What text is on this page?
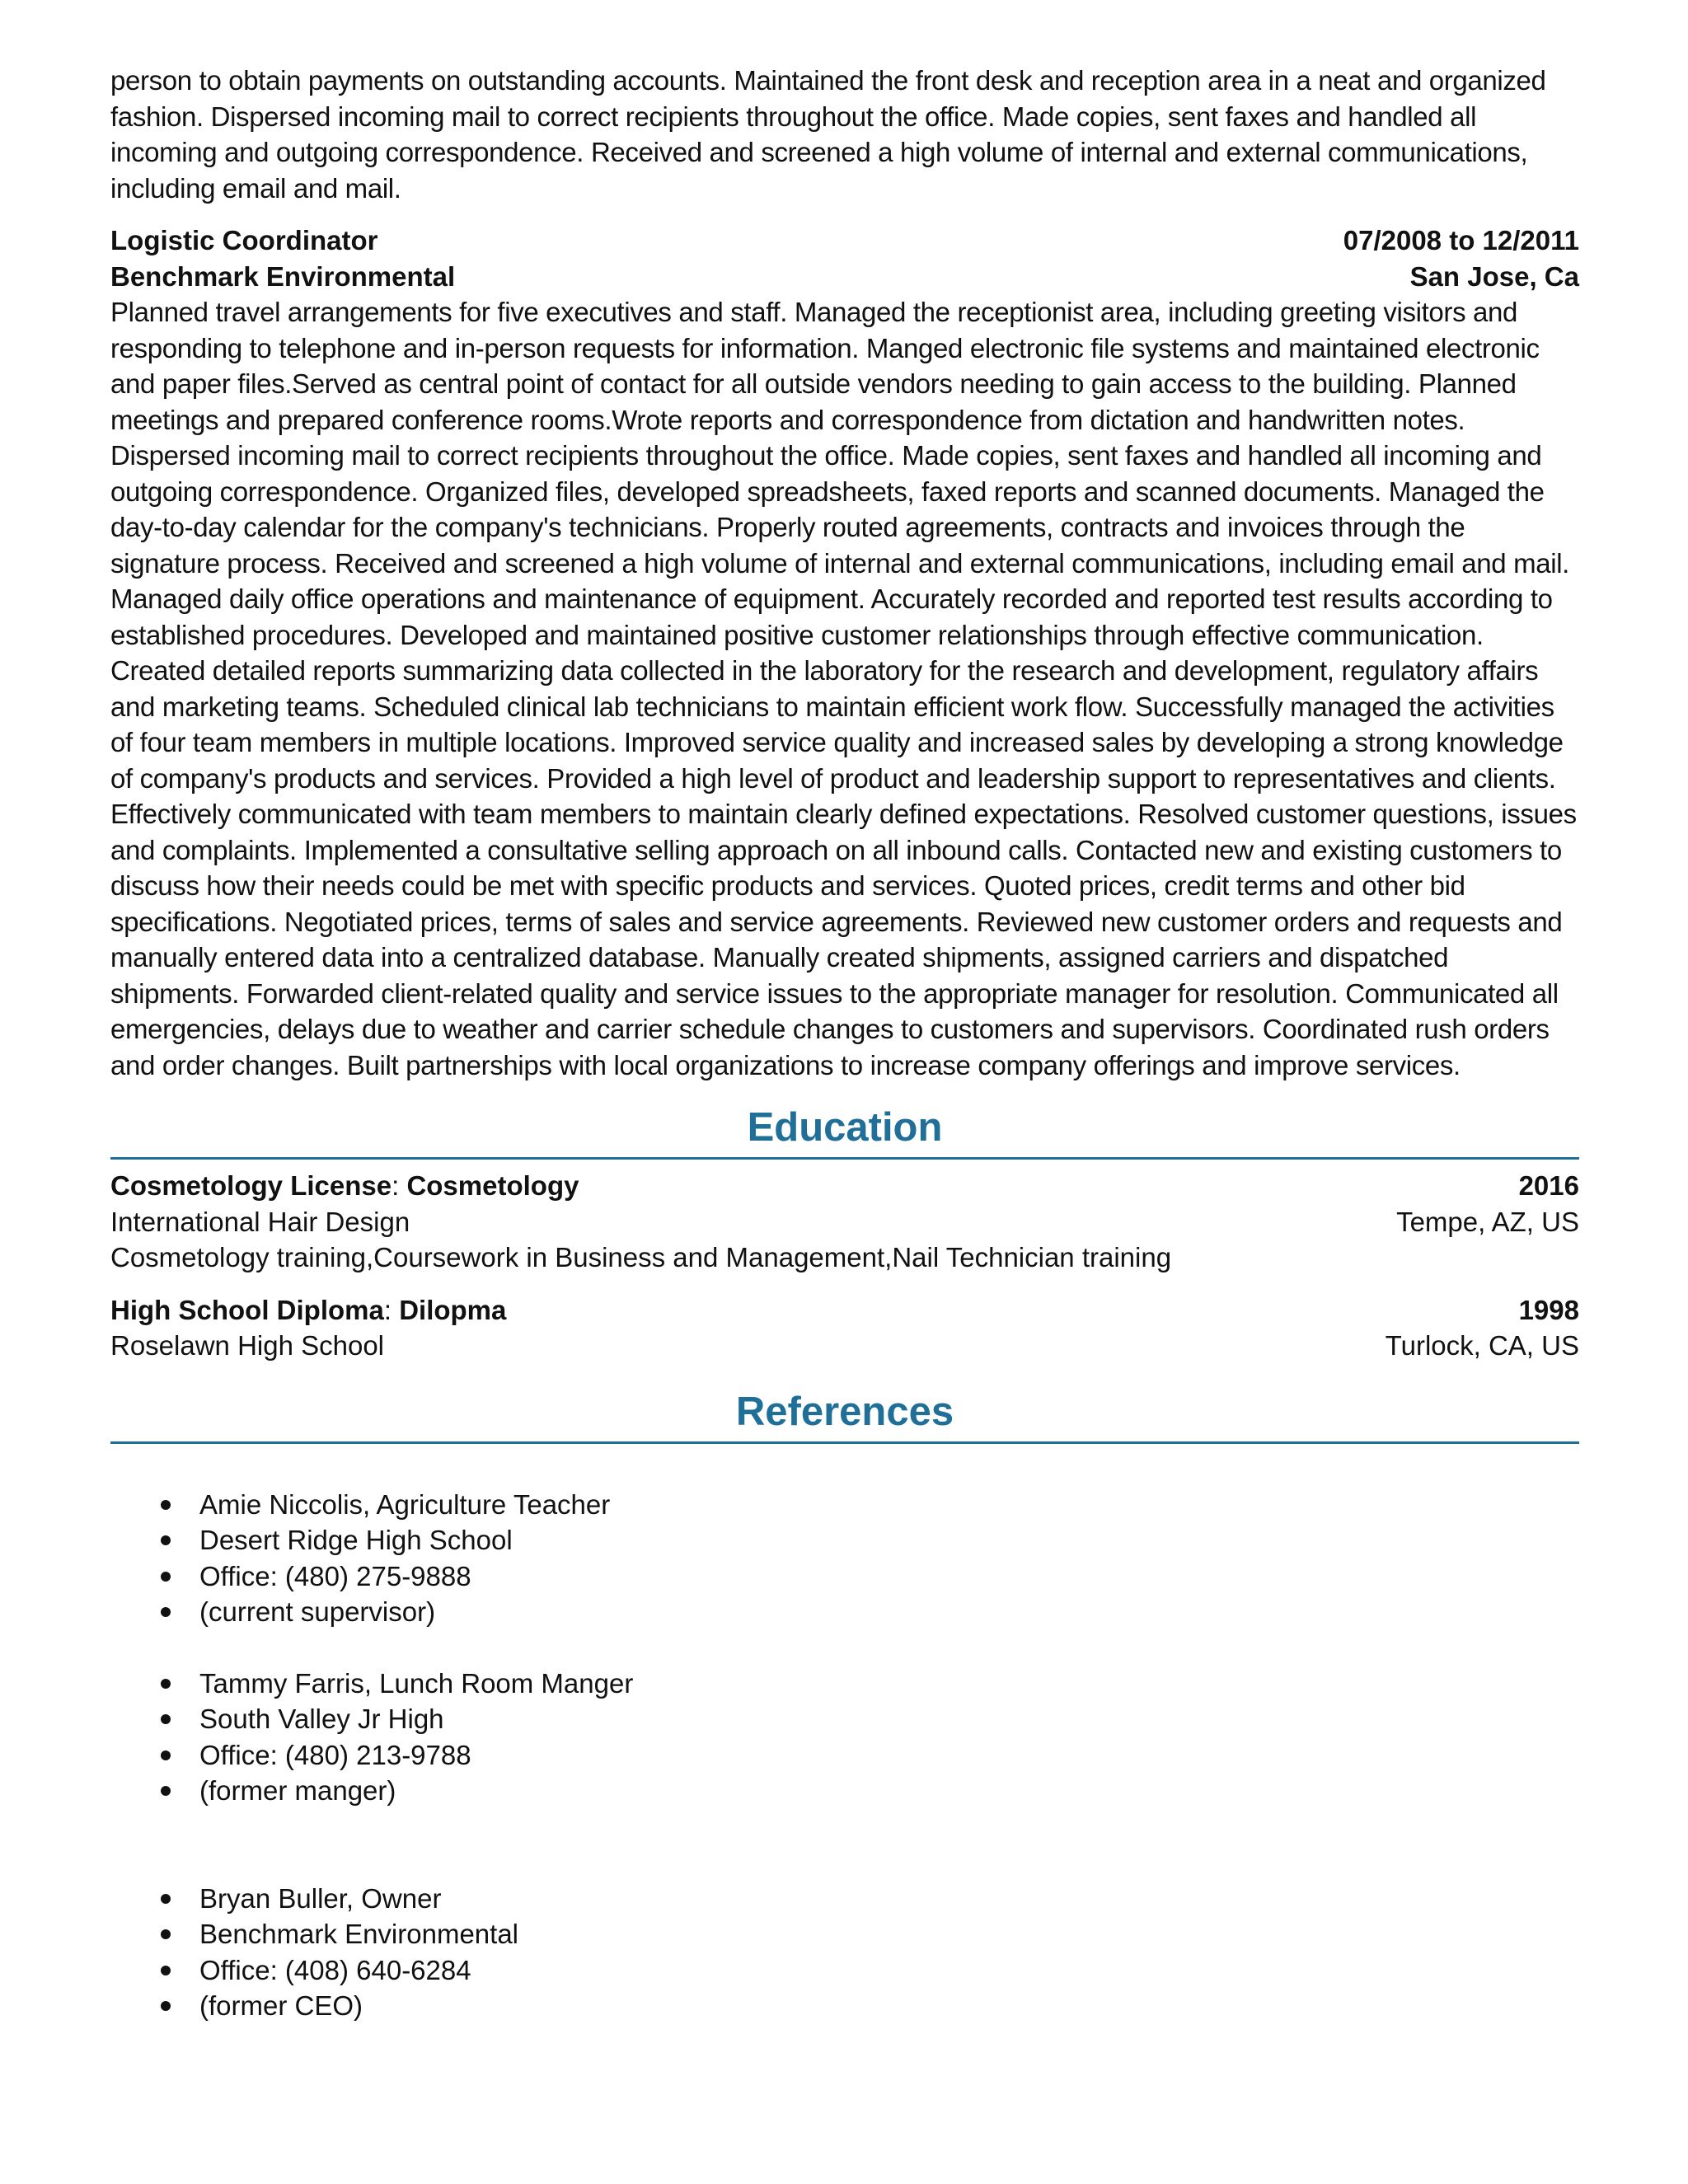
person to obtain payments on outstanding accounts. Maintained the front desk and reception area in a neat and organized fashion. Dispersed incoming mail to correct recipients throughout the office. Made copies, sent faxes and handled all incoming and outgoing correspondence. Received and screened a high volume of internal and external communications, including email and mail.

Logistic Coordinator	07/2008 to 12/2011
Benchmark Environmental	San Jose, Ca

Planned travel arrangements for five executives and staff. Managed the receptionist area, including greeting visitors and responding to telephone and in-person requests for information. Manged electronic file systems and maintained electronic and paper files.Served as central point of contact for all outside vendors needing to gain access to the building. Planned meetings and prepared conference rooms.Wrote reports and correspondence from dictation and handwritten notes. Dispersed incoming mail to correct recipients throughout the office. Made copies, sent faxes and handled all incoming and outgoing correspondence. Organized files, developed spreadsheets, faxed reports and scanned documents. Managed the day-to-day calendar for the company's technicians. Properly routed agreements, contracts and invoices through the signature process. Received and screened a high volume of internal and external communications, including email and mail. Managed daily office operations and maintenance of equipment. Accurately recorded and reported test results according to established procedures. Developed and maintained positive customer relationships through effective communication. Created detailed reports summarizing data collected in the laboratory for the research and development, regulatory affairs and marketing teams. Scheduled clinical lab technicians to maintain efficient work flow. Successfully managed the activities of four team members in multiple locations. Improved service quality and increased sales by developing a strong knowledge of company's products and services. Provided a high level of product and leadership support to representatives and clients. Effectively communicated with team members to maintain clearly defined expectations. Resolved customer questions, issues and complaints. Implemented a consultative selling approach on all inbound calls. Contacted new and existing customers to discuss how their needs could be met with specific products and services. Quoted prices, credit terms and other bid specifications. Negotiated prices, terms of sales and service agreements. Reviewed new customer orders and requests and manually entered data into a centralized database. Manually created shipments, assigned carriers and dispatched shipments. Forwarded client-related quality and service issues to the appropriate manager for resolution. Communicated all emergencies, delays due to weather and carrier schedule changes to customers and supervisors. Coordinated rush orders and order changes. Built partnerships with local organizations to increase company offerings and improve services.

Education
Cosmetology License: Cosmetology	2016
International Hair Design	Tempe, AZ, US

Cosmetology training,Coursework in Business and Management,Nail Technician training

High School Diploma: Dilopma	1998
Roselawn High School	Turlock, CA, US
References
Amie Niccolis, Agriculture Teacher
Desert Ridge High School
Office: (480) 275-9888
(current supervisor)
Tammy Farris, Lunch Room Manger
South Valley Jr High
Office: (480) 213-9788
(former manger)
Bryan Buller, Owner
Benchmark Environmental
Office: (408) 640-6284
(former CEO)
